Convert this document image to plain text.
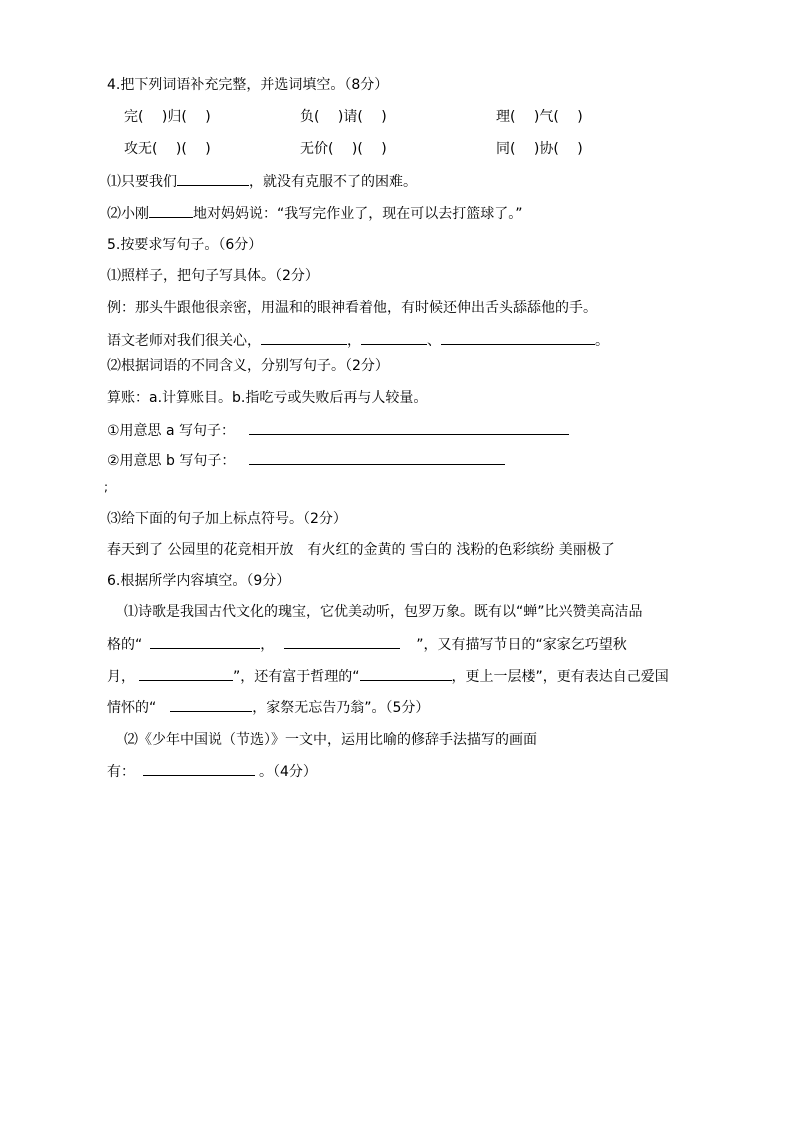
4.把下列词语补充完整，并选词填空。（8分）
完(　 )归(　 )	负(　 )请(　 )	理(　 )气(　 )
攻无(　 )(　 )	无价(　 )(　 )	同(　 )协(　 )
⑴只要我们	，就没有克服不了的困难。
⑵小刚	地对妈妈说：“我写完作业了，现在可以去打篮球了。”
5.按要求写句子。（6分）
⑴照样子，把句子写具体。（2分）
例：那头牛跟他很亲密，用温和的眼神看着他，有时候还伸出舌头舔舔他的手。
语文老师对我们很关心，	，	、	。
⑵根据词语的不同含义，分别写句子。（2分）
算账：a.计算账目。b.指吃亏或失败后再与人较量。
①用意思 a 写句子：
②用意思 b 写句子：
;
⑶给下面的句子加上标点符号。（2分）
春天到了 公园里的花竞相开放　有火红的金黄的 雪白的 浅粉的色彩缤纷 美丽极了
6.根据所学内容填空。（9分）
⑴诗歌是我国古代文化的瑰宝，它优美动听，包罗万象。既有以“蝉”比兴赞美高洁品
格的“	，	”，又有描写节日的“家家乞巧望秋
月，	”，还有富于哲理的“	，更上一层楼”，更有表达自己爱国
情怀的“	，家祭无忘告乃翁”。（5分）
⑵《少年中国说（节选）》一文中，运用比喻的修辞手法描写的画面
有：	。（4分）
